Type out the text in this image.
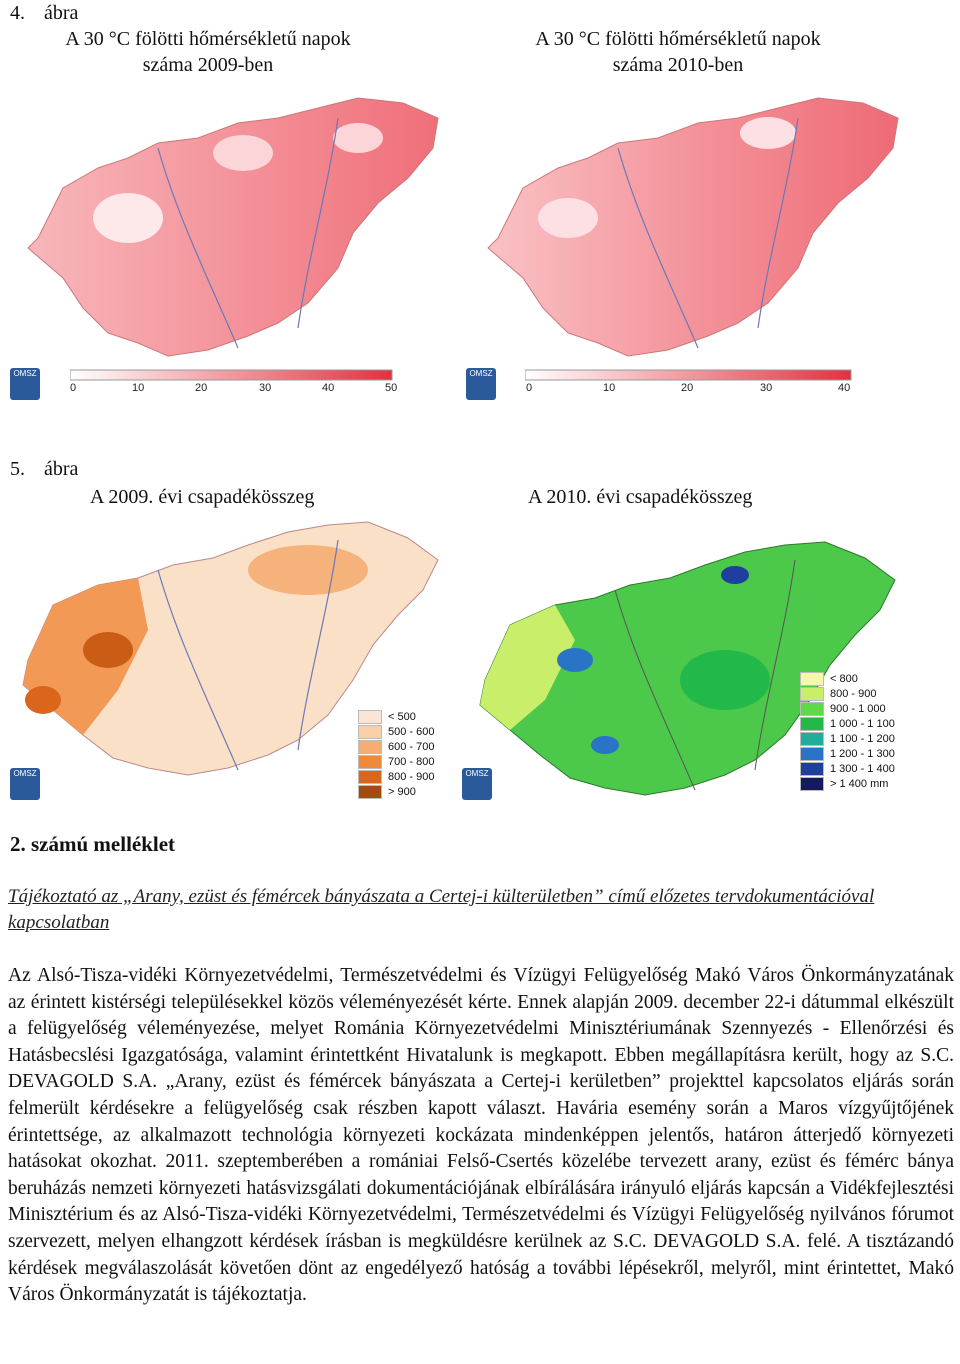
4. ábra
A 30 °C fölötti hőmérsékletű napok
száma 2009-ben
A 30 °C fölötti hőmérsékletű napok
száma 2010-ben
OMSZ
0	10	20	30	40	50
OMSZ
0	10	20	30	40
5. ábra
A 2009. évi csapadékösszeg	A 2010. évi csapadékösszeg
OMSZ
< 500
500 - 600
600 - 700
700 - 800
800 - 900
> 900
OMSZ
< 800
800 - 900
900 - 1 000
1 000 - 1 100
1 100 - 1 200
1 200 - 1 300
1 300 - 1 400
> 1 400 mm
2. számú melléklet
Tájékoztató az „Arany, ezüst és fémércek bányászata a Certej-i külterületben” című előzetes tervdokumentációval kapcsolatban
Az Alsó-Tisza-vidéki Környezetvédelmi, Természetvédelmi és Vízügyi Felügyelőség Makó Város Önkormányzatának az érintett kistérségi településekkel közös véleményezését kérte. Ennek alapján 2009. december 22-i dátummal elkészült a felügyelőség véleményezése, melyet Románia Környezetvédelmi Minisztériumának Szennyezés - Ellenőrzési és Hatásbecslési Igazgatósága, valamint érintettként Hivatalunk is megkapott. Ebben megállapításra került, hogy az S.C. DEVAGOLD S.A. „Arany, ezüst és fémércek bányászata a Certej-i kerületben” projekttel kapcsolatos eljárás során felmerült kérdésekre a felügyelőség csak részben kapott választ. Havária esemény során a Maros vízgyűjtőjének érintettsége, az alkalmazott technológia környezeti kockázata mindenképpen jelentős, határon átterjedő környezeti hatásokat okozhat. 2011. szeptemberében a romániai Felső-Csertés közelébe tervezett arany, ezüst és fémérc bánya beruházás nemzeti környezeti hatásvizsgálati dokumentációjának elbírálására irányuló eljárás kapcsán a Vidékfejlesztési Minisztérium és az Alsó-Tisza-vidéki Környezetvédelmi, Természetvédelmi és Vízügyi Felügyelőség nyilvános fórumot szervezett, melyen elhangzott kérdések írásban is megküldésre kerülnek az S.C. DEVAGOLD S.A. felé. A tisztázandó kérdések megválaszolását követően dönt az engedélyező hatóság a további lépésekről, melyről, mint érintettet, Makó Város Önkormányzatát is tájékoztatja.
